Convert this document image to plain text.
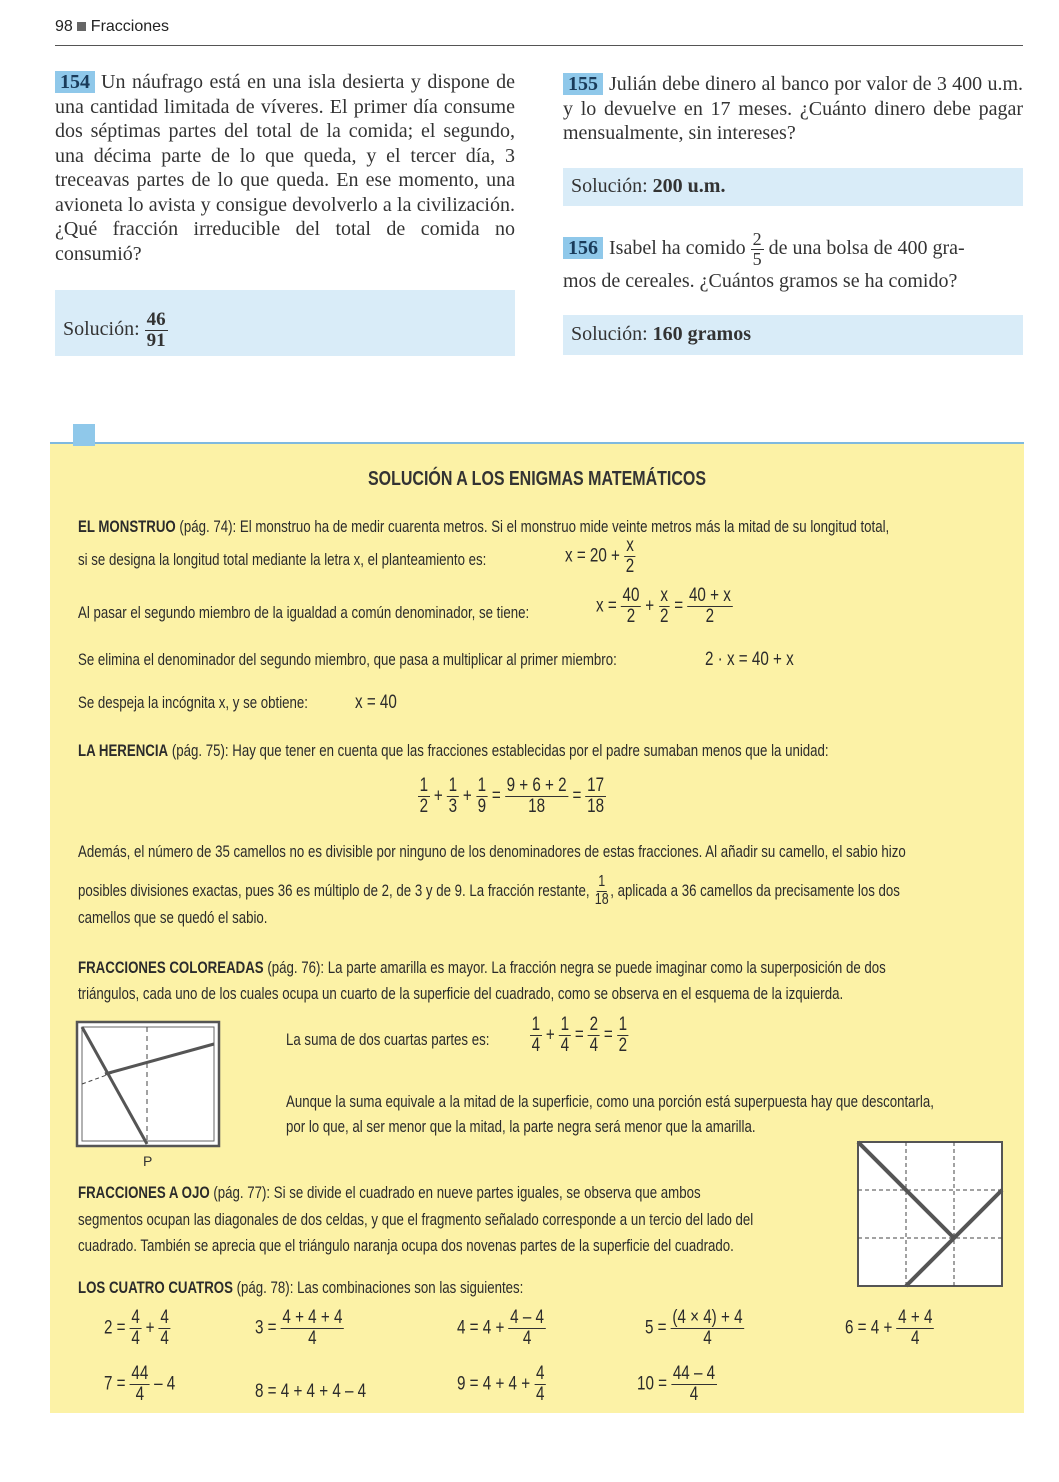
98 Fracciones
154 Un náufrago está en una isla desierta y dispone de una cantidad limitada de víveres. El primer día consume dos séptimas partes del total de la comida; el segundo, una décima parte de lo que queda, y el tercer día, 3 treceavas partes de lo que queda. En ese momento, una avioneta lo avista y consigue devolverlo a la civilización. ¿Qué fracción irreducible del total de comida no consumió?
Solución: $\frac{46}{91}$
155 Julián debe dinero al banco por valor de 3 400 u.m. y lo devuelve en 17 meses. ¿Cuánto dinero debe pagar mensualmente, sin intereses?
Solución: 200 u.m.
156 Isabel ha comido $\frac{2}{5}$ de una bolsa de 400 gra-
mos de cereales. ¿Cuántos gramos se ha comido?
Solución: 160 gramos
SOLUCIÓN A LOS ENIGMAS MATEMÁTICOS
EL MONSTRUO (pág. 74): El monstruo ha de medir cuarenta metros. Si el monstruo mide veinte metros más la mitad de su longitud total,
si se designa la longitud total mediante la letra x, el planteamiento es:	$x = 20 + \frac{x}{2}$
Al pasar el segundo miembro de la igualdad a común denominador, se tiene:	$x = \frac{40}{2} + \frac{x}{2} = \frac{40 + x}{2}$
Se elimina el denominador del segundo miembro, que pasa a multiplicar al primer miembro:	2 · x = 40 + x
Se despeja la incógnita x, y se obtiene: x = 40
LA HERENCIA (pág. 75): Hay que tener en cuenta que las fracciones establecidas por el padre sumaban menos que la unidad:
$\frac{1}{2} + \frac{1}{3} + \frac{1}{9} = \frac{9 + 6 + 2}{18} = \frac{17}{18}$
Además, el número de 35 camellos no es divisible por ninguno de los denominadores de estas fracciones. Al añadir su camello, el sabio hizo
posibles divisiones exactas, pues 36 es múltiplo de 2, de 3 y de 9. La fracción restante, $\frac{1}{18}$ , aplicada a 36 camellos da precisamente los dos
camellos que se quedó el sabio.
FRACCIONES COLOREADAS (pág. 76): La parte amarilla es mayor. La fracción negra se puede imaginar como la superposición de dos
triángulos, cada uno de los cuales ocupa un cuarto de la superficie del cuadrado, como se observa en el esquema de la izquierda.
P
La suma de dos cuartas partes es: $\frac{1}{4} + \frac{1}{4} = \frac{2}{4} = \frac{1}{2}$
Aunque la suma equivale a la mitad de la superficie, como una porción está superpuesta hay que descontarla,
por lo que, al ser menor que la mitad, la parte negra será menor que la amarilla.
FRACCIONES A OJO (pág. 77): Si se divide el cuadrado en nueve partes iguales, se observa que ambos
segmentos ocupan las diagonales de dos celdas, y que el fragmento señalado corresponde a un tercio del lado del
cuadrado. También se aprecia que el triángulo naranja ocupa dos novenas partes de la superficie del cuadrado.
LOS CUATRO CUATROS (pág. 78): Las combinaciones son las siguientes:
$2 = \frac{4}{4} + \frac{4}{4}$	$3 = \frac{4 + 4 + 4}{4}$	$4 = 4 + \frac{4 - 4}{4}$	$5 = \frac{(4 \times 4) + 4}{4}$	$6 = 4 + \frac{4 + 4}{4}$
$7 = \frac{44}{4} - 4$	8 = 4 + 4 + 4 – 4	$9 = 4 + 4 + \frac{4}{4}$	$10 = \frac{44 - 4}{4}$
